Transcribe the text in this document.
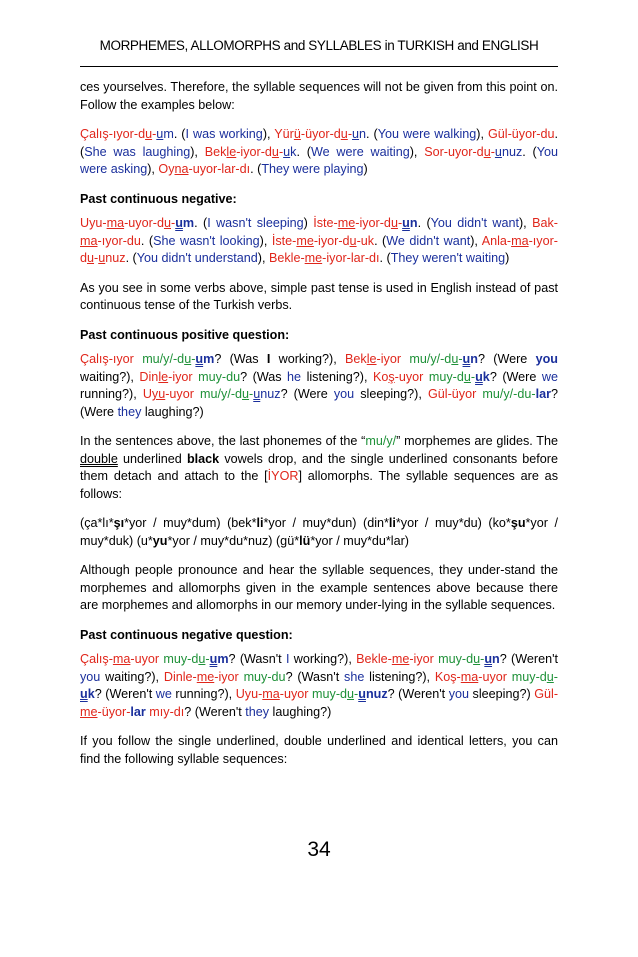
MORPHEMES, ALLOMORPHS and SYLLABLES in TURKISH and ENGLISH

ces yourselves. Therefore, the syllable sequences will not be given from this point on. Follow the examples below:

Çalış-ıyor-du-um. (I was working), Yürü-üyor-du-un. (You were walking), Gül-üyor-du. (She was laughing), Bekle-iyor-du-uk. (We were waiting), Sor-uyor-du-unuz. (You were asking), Oyna-uyor-lar-dı. (They were playing)

Past continuous negative:

Uyu-ma-uyor-du-um. (I wasn't sleeping) İste-me-iyor-du-un. (You didn't want), Bak-ma-ıyor-du. (She wasn't looking), İste-me-iyor-du-uk. (We didn't want), Anla-ma-ıyor-du-unuz. (You didn't understand), Bekle-me-iyor-lar-dı. (They weren't waiting)

As you see in some verbs above, simple past tense is used in English instead of past continuous tense of the Turkish verbs.

Past continuous positive question:

Çalış-ıyor mu/y/-du-um? (Was I working?), Bekle-iyor mu/y/-du-un? (Were you waiting?), Dinle-iyor muy-du? (Was he listening?), Koş-uyor muy-du-uk? (Were we running?), Uyu-uyor mu/y/-du-unuz? (Were you sleeping?), Gül-üyor mu/y/-du-lar? (Were they laughing?)

In the sentences above, the last phonemes of the “mu/y/” morphemes are glides. The double underlined black vowels drop, and the single underlined consonants before them detach and attach to the [İYOR] allomorphs. The syllable sequences are as follows:

(ça*lı*şı*yor / muy*dum) (bek*li*yor / muy*dun) (din*li*yor / muy*du) (ko*şu*yor / muy*duk) (u*yu*yor / muy*du*nuz) (gü*lü*yor / muy*du*lar)

Although people pronounce and hear the syllable sequences, they under-stand the morphemes and allomorphs given in the example sentences above because there are morphemes and allomorphs in our memory under-lying in the syllable sequences.

Past continuous negative question:

Çalış-ma-uyor muy-du-um? (Wasn't I working?), Bekle-me-iyor muy-du-un? (Weren't you waiting?), Dinle-me-iyor muy-du? (Wasn't she listening?), Koş-ma-uyor muy-du-uk? (Weren't we running?), Uyu-ma-uyor muy-du-unuz? (Weren't you sleeping?) Gül-me-üyor-lar mıy-dı? (Weren't they laughing?)

If you follow the single underlined, double underlined and identical letters, you can find the following syllable sequences:

34
